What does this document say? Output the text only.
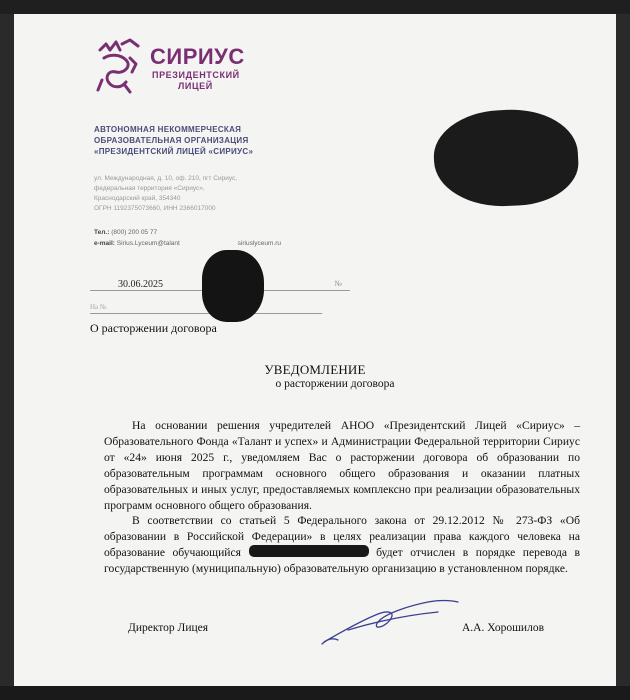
СИРИУС
ПРЕЗИДЕНТСКИЙ
ЛИЦЕЙ
АВТОНОМНАЯ НЕКОММЕРЧЕСКАЯ
ОБРАЗОВАТЕЛЬНАЯ ОРГАНИЗАЦИЯ
«ПРЕЗИДЕНТСКИЙ ЛИЦЕЙ «СИРИУС»
ул. Международная, д. 10, оф. 210, пгт Сириус,
федеральная территория «Сириус»,
Краснодарский край, 354340
ОГРН 1192375073660, ИНН 2366017000
Тел.: (800) 200 05 77
e-mail: Sirius.Lyceum@talant	siriuslyceum.ru
30.06.2025	№
На №
О расторжении договора
УВЕДОМЛЕНИЕ
о расторжении договора

На основании решения учредителей АНОО «Президентский Лицей «Сириус» – Образовательного Фонда «Талант и успех» и Администрации Федеральной территории Сириус от «24» июня 2025 г., уведомляем Вас о расторжении договора об образовании по образовательным программам основного общего образования и оказании платных образовательных и иных услуг, предоставляемых комплексно при реализации образовательных программ основного общего образования.

В соответствии со статьей 5 Федерального закона от 29.12.2012 № 273-ФЗ «Об образовании в Российской Федерации» в целях реализации права каждого человека на образование обучающийся	будет отчислен в порядке перевода в государственную (муниципальную) образовательную организацию в установленном порядке.

Директор Лицея	А.А. Хорошилов
